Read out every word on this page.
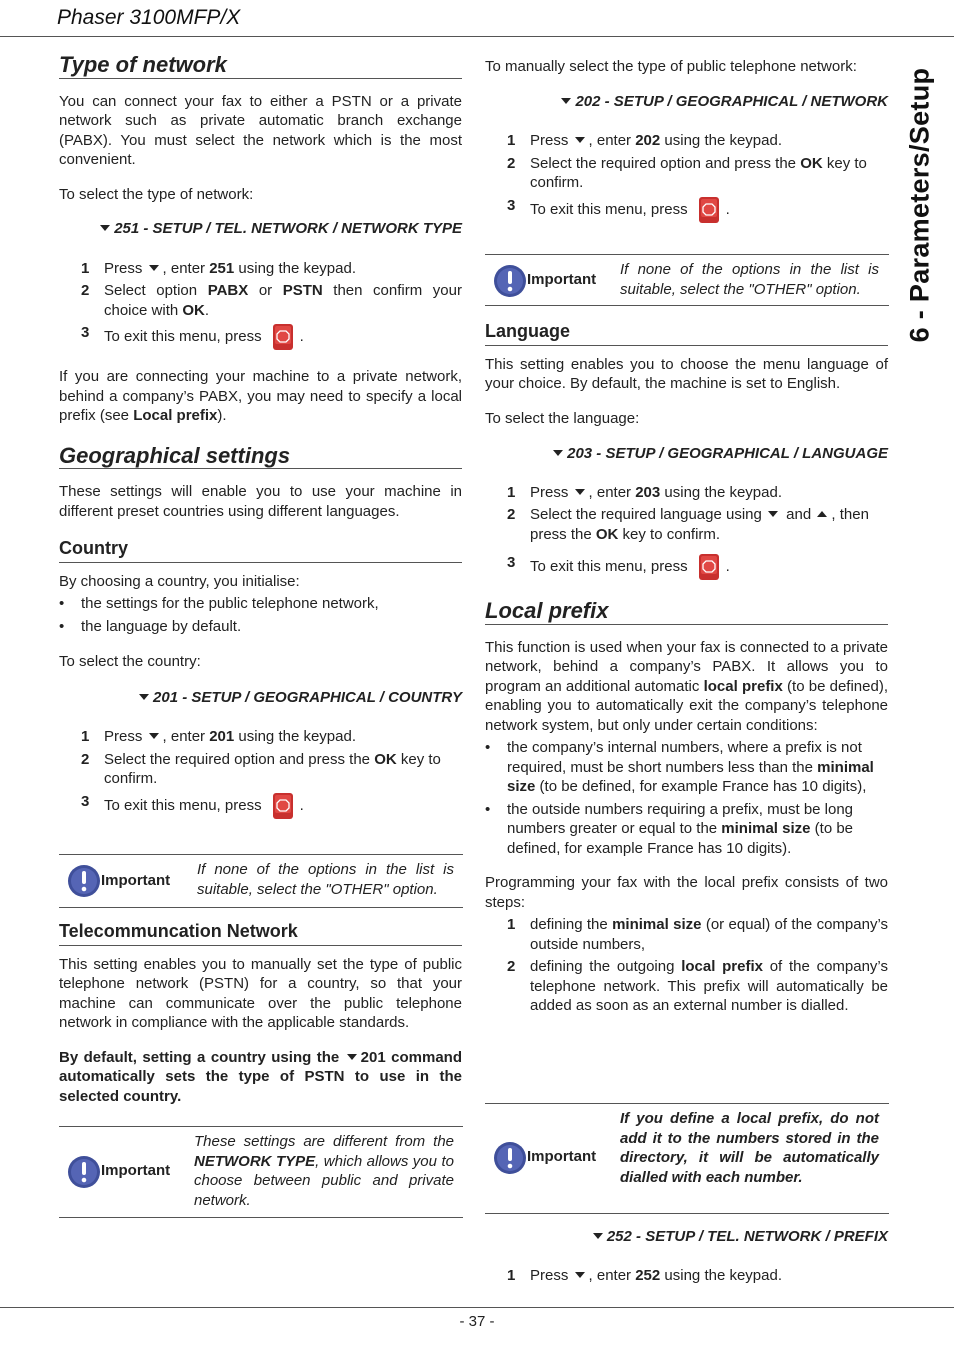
Phaser 3100MFP/X
6 - Parameters/Setup
Type of network

You can connect your fax to either a PSTN or a private network such as private automatic branch exchange (PABX). You must select the network which is the most convenient.

To select the type of network:

251 - SETUP / TEL. NETWORK / NETWORK TYPE
1 Press , enter 251 using the keypad.
2 Select option PABX or PSTN then confirm your choice with OK.
3 To exit this menu, press	.

If you are connecting your machine to a private network, behind a company’s PABX, you may need to specify a local prefix (see Local prefix).

Geographical settings

These settings will enable you to use your machine in different preset countries using different languages.

Country

By choosing a country, you initialise:

• the settings for the public telephone network,
• the language by default.

To select the country:

201 - SETUP / GEOGRAPHICAL / COUNTRY
1 Press , enter 201 using the keypad.
2 Select the required option and press the OK key to confirm.
3 To exit this menu, press	.
Important
If none of the options in the list is suitable, select the "OTHER" option.
Telecommuncation Network

This setting enables you to manually set the type of public telephone network (PSTN) for a country, so that your machine can communicate over the public telephone network in compliance with the applicable standards.

By default, setting a country using the 201 command automatically sets the type of PSTN to use in the selected country.

Important
These settings are different from the NETWORK TYPE, which allows you to choose between public and private network.

To manually select the type of public telephone network:

202 - SETUP / GEOGRAPHICAL / NETWORK
1 Press , enter 202 using the keypad.
2 Select the required option and press the OK key to confirm.
3 To exit this menu, press	.
Important
If none of the options in the list is suitable, select the "OTHER" option.
Language

This setting enables you to choose the menu language of your choice. By default, the machine is set to English.

To select the language:

203 - SETUP / GEOGRAPHICAL / LANGUAGE
1 Press , enter 203 using the keypad.
2 Select the required language using  and , then press the OK key to confirm.
3 To exit this menu, press	.
Local prefix

This function is used when your fax is connected to a private network, behind a company’s PABX. It allows you to program an additional automatic local prefix (to be defined), enabling you to automatically exit the company’s telephone network system, but only under certain conditions:

• the company’s internal numbers, where a prefix is not required, must be short numbers less than the minimal size (to be defined, for example France has 10 digits),
• the outside numbers requiring a prefix, must be long numbers greater or equal to the minimal size (to be defined, for example France has 10 digits).

Programming your fax with the local prefix consists of two steps:

1 defining the minimal size (or equal) of the company’s outside numbers,
2 defining the outgoing local prefix of the company’s telephone network. This prefix will automatically be added as soon as an external number is dialled.
Important
If you define a local prefix, do not add it to the numbers stored in the directory, it will be automatically dialled with each number.
252 - SETUP / TEL. NETWORK / PREFIX
1 Press , enter 252 using the keypad.
- 37 -
